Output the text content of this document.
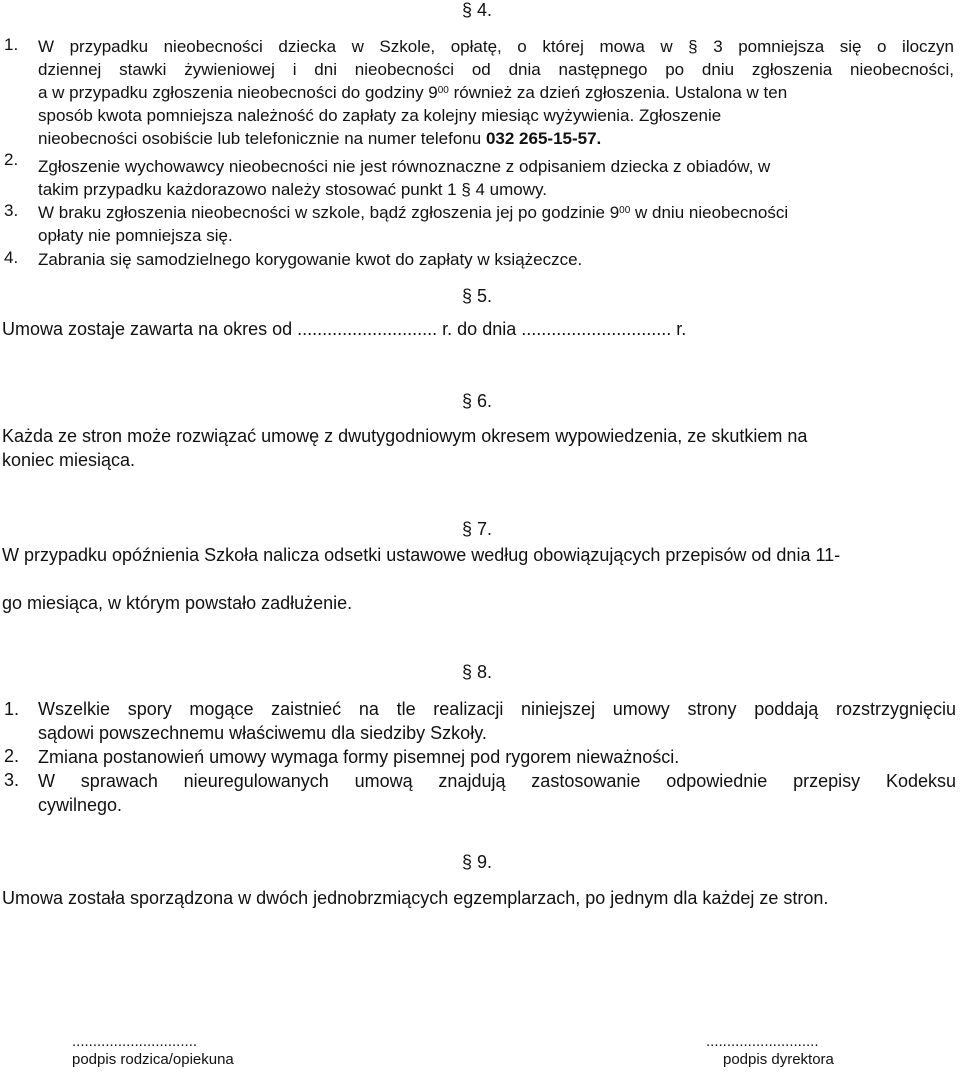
§ 4.
1. W przypadku nieobecności dziecka w Szkole, opłatę, o której mowa w § 3 pomniejsza się o iloczyn
dziennej stawki żywieniowej i dni nieobecności od dnia następnego po dniu zgłoszenia nieobecności,
a w przypadku zgłoszenia nieobecności do godziny $9^{00}$ również za dzień zgłoszenia. Ustalona w ten
sposób kwota pomniejsza należność do zapłaty za kolejny miesiąc wyżywienia. Zgłoszenie
nieobecności osobiście lub telefonicznie na numer telefonu 032 265-15-57.
2. Zgłoszenie wychowawcy nieobecności nie jest równoznaczne z odpisaniem dziecka z obiadów, w
takim przypadku każdorazowo należy stosować punkt 1 § 4 umowy.
3. W braku zgłoszenia nieobecności w szkole, bądź zgłoszenia jej po godzinie $9^{00}$ w dniu nieobecności
opłaty nie pomniejsza się.
4. Zabrania się samodzielnego korygowanie kwot do zapłaty w książeczce.
§ 5.
Umowa zostaje zawarta na okres od ............................ r. do dnia .............................. r.
§ 6.
Każda ze stron może rozwiązać umowę z dwutygodniowym okresem wypowiedzenia, ze skutkiem na
koniec miesiąca.
§ 7.
W przypadku opóźnienia Szkoła nalicza odsetki ustawowe według obowiązujących przepisów od dnia 11-
go miesiąca, w którym powstało zadłużenie.
§ 8.
1. Wszelkie spory mogące zaistnieć na tle realizacji niniejszej umowy strony poddają rozstrzygnięciu
sądowi powszechnemu właściwemu dla siedziby Szkoły.
2. Zmiana postanowień umowy wymaga formy pisemnej pod rygorem nieważności.
3. W sprawach nieuregulowanych umową znajdują zastosowanie odpowiednie przepisy Kodeksu
cywilnego.
§ 9.
Umowa została sporządzona w dwóch jednobrzmiących egzemplarzach, po jednym dla każdej ze stron.
..............................
podpis rodzica/opiekuna
...........................
podpis dyrektora
